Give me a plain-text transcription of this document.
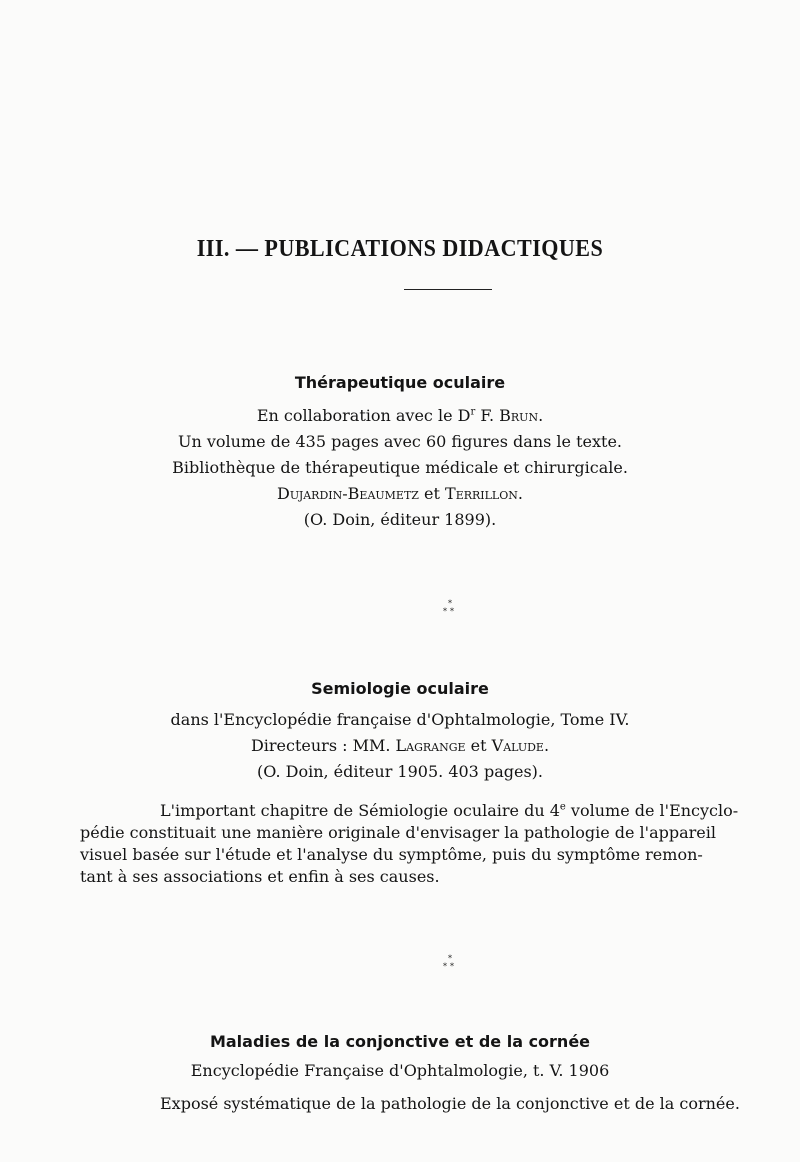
III. — PUBLICATIONS DIDACTIQUES
Thérapeutique oculaire
En collaboration avec le $D^r$ F. Brun.
Un volume de 435 pages avec 60 figures dans le texte.
Bibliothèque de thérapeutique médicale et chirurgicale.
Dujardin-Beaumetz et Terrillon.
(O. Doin, éditeur 1899).
*
**
Semiologie oculaire
dans l'Encyclopédie française d'Ophtalmologie, Tome IV.
Directeurs : MM. Lagrange et Valude.
(O. Doin, éditeur 1905. 403 pages).
L'important chapitre de Sémiologie oculaire du 4e volume de l'Encyclo-
pédie constituait une manière originale d'envisager la pathologie de l'appareil
visuel basée sur l'étude et l'analyse du symptôme, puis du symptôme remon-
tant à ses associations et enfin à ses causes.
*
**
Maladies de la conjonctive et de la cornée
Encyclopédie Française d'Ophtalmologie, t. V. 1906
Exposé systématique de la pathologie de la conjonctive et de la cornée.
